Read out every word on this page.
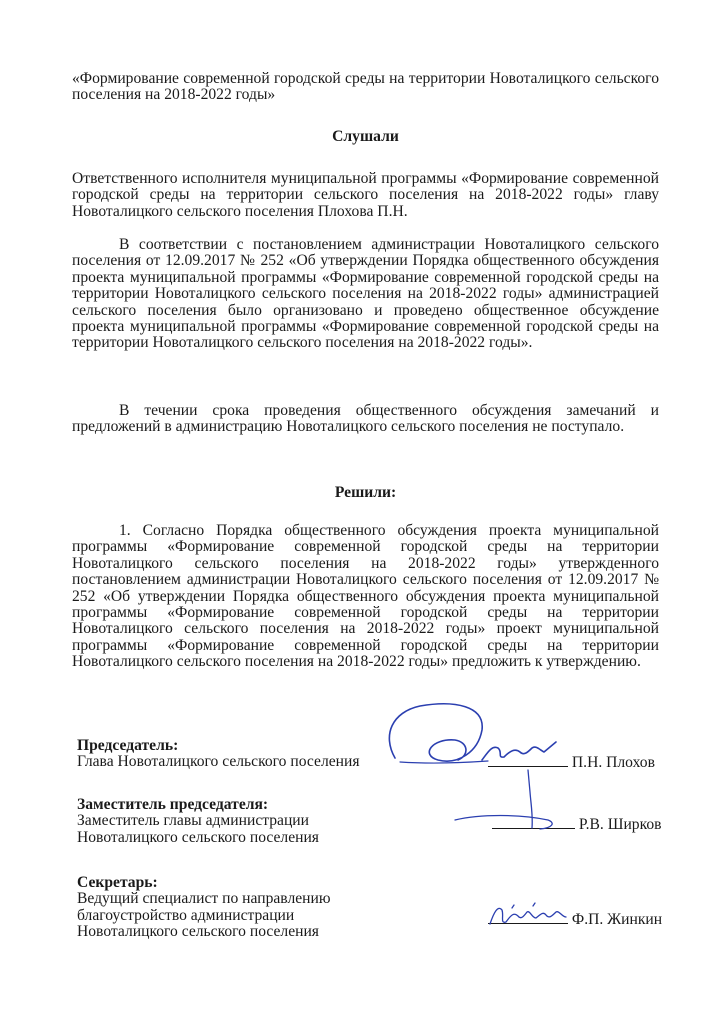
«Формирование современной городской среды на территории Новоталицкого сельского поселения на 2018-2022 годы»

Слушали

Ответственного исполнителя муниципальной программы «Формирование современной городской среды на территории сельского поселения на 2018-2022 годы» главу Новоталицкого сельского поселения Плохова П.Н.

В соответствии с постановлением администрации Новоталицкого сельского поселения от 12.09.2017 № 252 «Об утверждении Порядка общественного обсуждения проекта муниципальной программы «Формирование современной городской среды на территории Новоталицкого сельского поселения на 2018-2022 годы» администрацией сельского поселения было организовано и проведено общественное обсуждение проекта муниципальной программы «Формирование современной городской среды на территории Новоталицкого сельского поселения на 2018-2022 годы».

В течении срока проведения общественного обсуждения замечаний и предложений в администрацию Новоталицкого сельского поселения не поступало.

Решили:

1. Согласно Порядка общественного обсуждения проекта муниципальной программы «Формирование современной городской среды на территории Новоталицкого сельского поселения на 2018-2022 годы» утвержденного постановлением администрации Новоталицкого сельского поселения от 12.09.2017 № 252 «Об утверждении Порядка общественного обсуждения проекта муниципальной программы «Формирование современной городской среды на территории Новоталицкого сельского поселения на 2018-2022 годы» проект муниципальной программы «Формирование современной городской среды на территории Новоталицкого сельского поселения на 2018-2022 годы» предложить к утверждению.

Председатель:
Глава Новоталицкого сельского поселения	П.Н. Плохов
Заместитель председателя:
Заместитель главы администрации
Новоталицкого сельского поселения
Р.В. Ширков
Секретарь:
Ведущий специалист по направлению
благоустройство администрации
Новоталицкого сельского поселения
Ф.П. Жинкин
